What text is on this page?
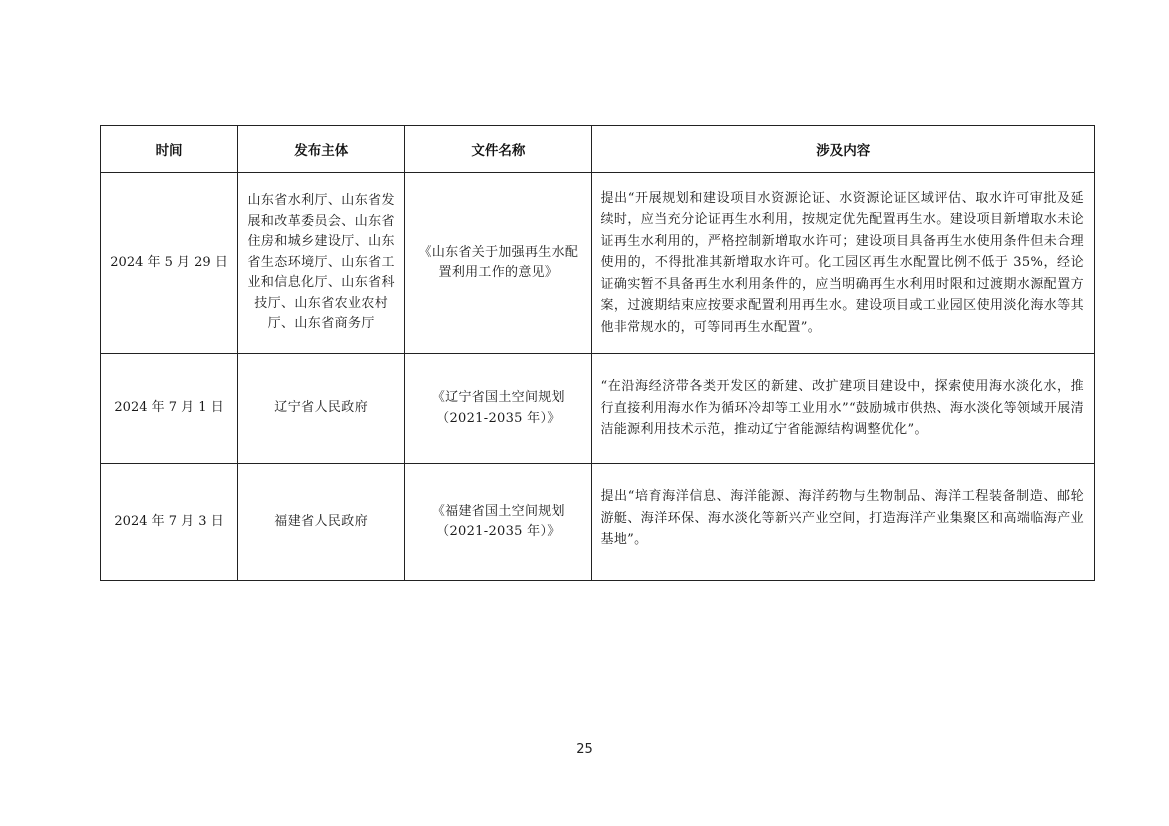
时间	发布主体	文件名称	涉及内容
2024 年 5 月 29 日	山东省水利厅、山东省发展和改革委员会、山东省住房和城乡建设厅、山东省生态环境厅、山东省工业和信息化厅、山东省科技厅、山东省农业农村厅、山东省商务厅	《山东省关于加强再生水配置利用工作的意见》	提出“开展规划和建设项目水资源论证、水资源论证区域评估、取水许可审批及延续时，应当充分论证再生水利用，按规定优先配置再生水。建设项目新增取水未论证再生水利用的，严格控制新增取水许可；建设项目具备再生水使用条件但未合理使用的，不得批准其新增取水许可。化工园区再生水配置比例不低于 35%，经论证确实暂不具备再生水利用条件的，应当明确再生水利用时限和过渡期水源配置方案，过渡期结束应按要求配置利用再生水。建设项目或工业园区使用淡化海水等其他非常规水的，可等同再生水配置”。
2024 年 7 月 1 日	辽宁省人民政府	《辽宁省国土空间规划（2021-2035 年）》	“在沿海经济带各类开发区的新建、改扩建项目建设中，探索使用海水淡化水，推行直接利用海水作为循环冷却等工业用水”“鼓励城市供热、海水淡化等领域开展清洁能源利用技术示范，推动辽宁省能源结构调整优化”。
2024 年 7 月 3 日	福建省人民政府	《福建省国土空间规划（2021-2035 年）》	提出“培育海洋信息、海洋能源、海洋药物与生物制品、海洋工程装备制造、邮轮游艇、海洋环保、海水淡化等新兴产业空间，打造海洋产业集聚区和高端临海产业基地”。
25
